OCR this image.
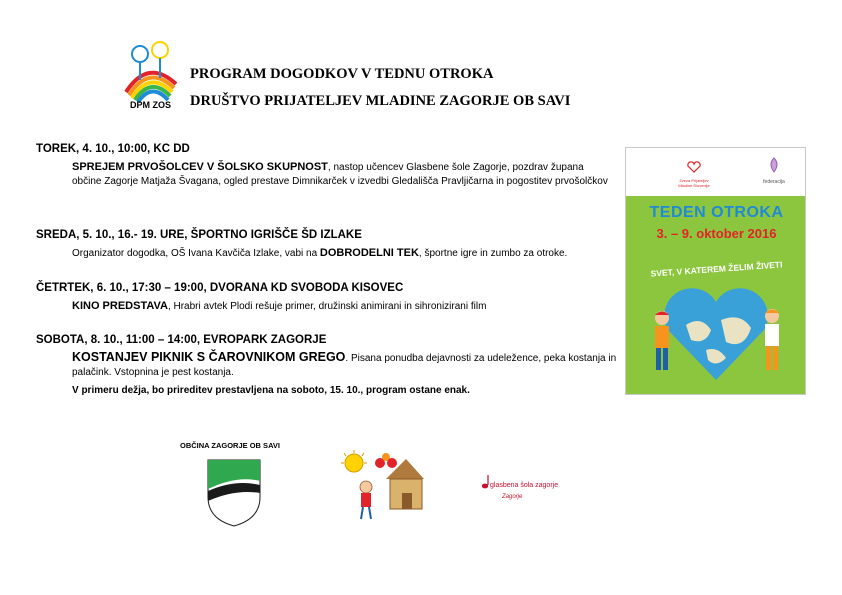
DPM ZOS
PROGRAM DOGODKOV V TEDNU OTROKA
DRUŠTVO PRIJATELJEV MLADINE ZAGORJE OB SAVI
TOREK, 4. 10., 10:00, KC DD
SPREJEM PRVOŠOLCEV V ŠOLSKO SKUPNOST, nastop učencev Glasbene šole Zagorje, pozdrav župana občine Zagorje Matjaža Švagana, ogled prestave Dimnikarček v izvedbi Gledališča Pravljičarna in pogostitev prvošolčkov
SREDA, 5. 10., 16.- 19. URE, ŠPORTNO IGRIŠČE ŠD IZLAKE
Organizator dogodka, OŠ Ivana Kavčiča Izlake, vabi na DOBRODELNI TEK, športne igre in zumbo za otroke.
ČETRTEK, 6. 10., 17:30 – 19:00, DVORANA KD SVOBODA KISOVEC
KINO PREDSTAVA, Hrabri avtek Plodi rešuje primer, družinski animirani in sihronizirani film
SOBOTA, 8. 10., 11:00 – 14:00, EVROPARK ZAGORJE
KOSTANJEV PIKNIK S ČAROVNIKOM GREGO. Pisana ponudba dejavnosti za udeležence, peka kostanja in palačink. Vstopnina je pest kostanja.
V primeru dežja, bo prireditev prestavljena na soboto, 15. 10., program ostane enak.
Zveza Prijateljev Mladine Slovenije
federacija
TEDEN OTROKA
3. – 9. oktober 2016
SVET, V KATEREM ŽELIM ŽIVETI
OBČINA ZAGORJE OB SAVI
glasbena šola zagorje
Zagorje
